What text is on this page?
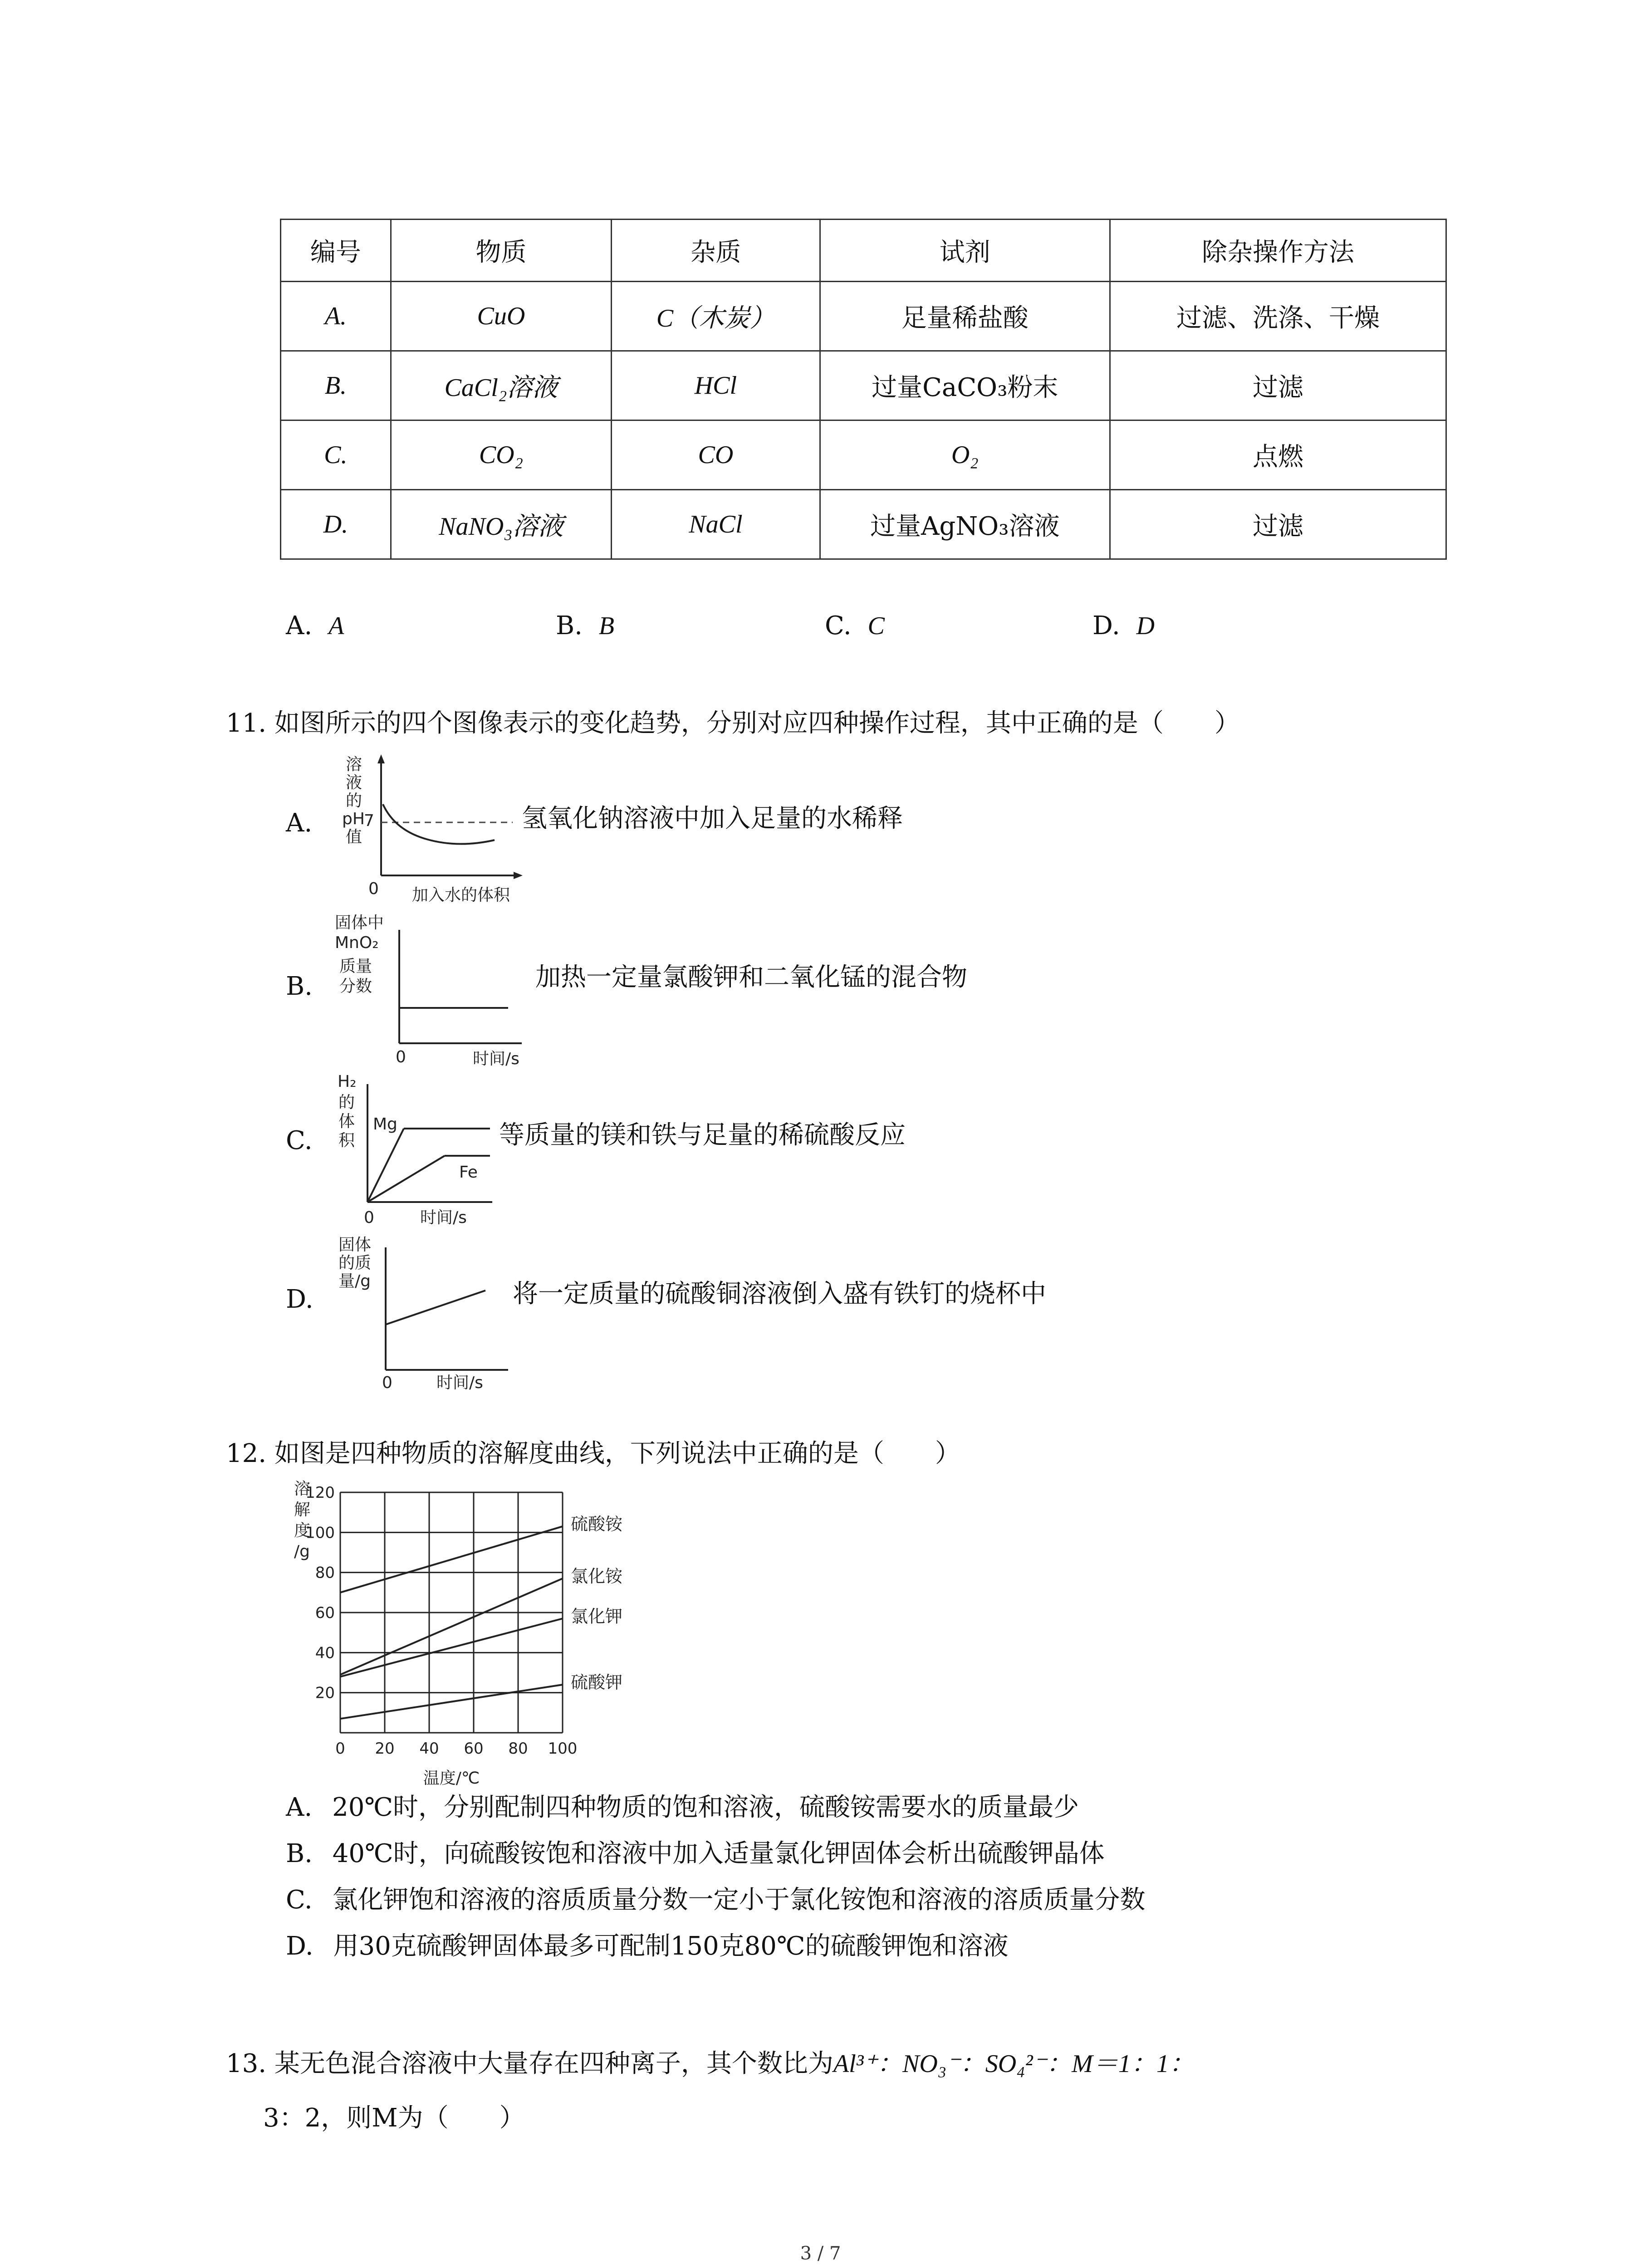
编号	物质	杂质	试剂	除杂操作方法
A.	CuO	C（木炭）	足量稀盐酸	过滤、洗涤、干燥
B.	CaCl₂溶液	HCl	过量CaCO₃粉末	过滤
C.	CO₂	CO	O₂	点燃
D.	NaNO₃溶液	NaCl	过量AgNO₃溶液	过滤
A. A	B. B	C. C	D. D
11. 如图所示的四个图像表示的变化趋势，分别对应四种操作过程，其中正确的是（　　）
A.
溶
液
的
pH
值
7
0 加入水的体积
氢氧化钠溶液中加入足量的水稀释
B.
固体中
MnO₂
质量
分数
0	时间/s
加热一定量氯酸钾和二氧化锰的混合物
C.
H₂
的
体
积
Mg
Fe
0	时间/s
等质量的镁和铁与足量的稀硫酸反应
D.
固体
的质
量/g
0	时间/s
将一定质量的硫酸铜溶液倒入盛有铁钉的烧杯中
12. 如图是四种物质的溶解度曲线，下列说法中正确的是（　　）
溶
解
度
/g
硫酸铵
氯化铵
氯化钾
硫酸钾
20
40
60
80
100
120
0 20 40 60 80 100
温度/℃
A. 20℃时，分别配制四种物质的饱和溶液，硫酸铵需要水的质量最少
B. 40℃时，向硫酸铵饱和溶液中加入适量氯化钾固体会析出硫酸钾晶体
C. 氯化钾饱和溶液的溶质质量分数一定小于氯化铵饱和溶液的溶质质量分数
D. 用30克硫酸钾固体最多可配制150克80℃的硫酸钾饱和溶液
13. 某无色混合溶液中大量存在四种离子，其个数比为Al³⁺：NO₃⁻：SO₄²⁻：M＝1：1：
3：2，则M为（　　）
3 / 7
